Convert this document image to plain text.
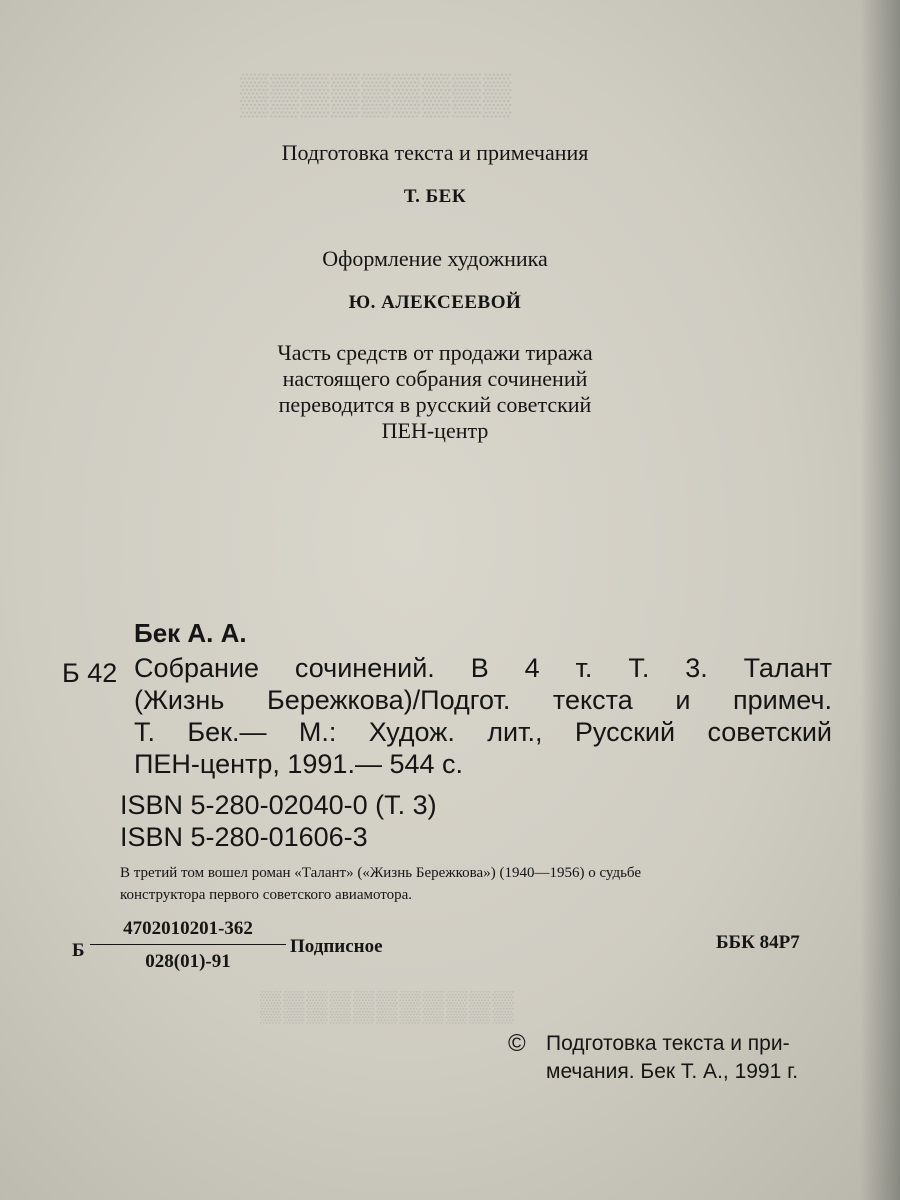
▒▒▒▒▒▒▒▒▒
▒▒▒▒▒▒▒▒▒▒▒

Подготовка текста и примечания

Т. БЕК

Оформление художника

Ю. АЛЕКСЕЕВОЙ

Часть средств от продажи тиража
настоящего собрания сочинений
переводится в русский советский
ПЕН-центр
Бек А. А.
Б 42 Собрание сочинений. В 4 т. Т. 3. Талант
(Жизнь Бережкова)/Подгот. текста и примеч.
Т. Бек.— М.: Худож. лит., Русский советский
ПЕН-центр, 1991.— 544 с.
ISBN 5-280-02040-0 (Т. 3)
ISBN 5-280-01606-3
В третий том вошел роман «Талант» («Жизнь Бережкова») (1940—1956) о судьбе
конструктора первого советского авиамотора.
Б $\frac{4702010201-362}{028(01)-91}$ Подписное	ББК 84Р7
© Подготовка текста и при-
мечания. Бек Т. А., 1991 г.
